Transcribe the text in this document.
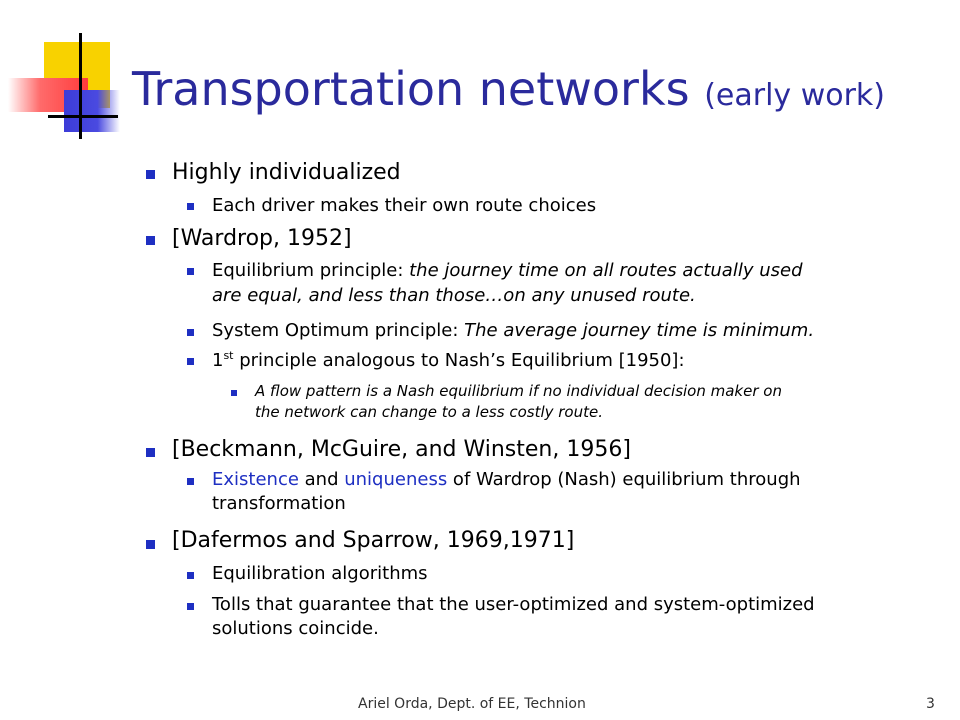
Transportation networks (early work)
Highly individualized
Each driver makes their own route choices
[Wardrop, 1952]
Equilibrium principle: the journey time on all routes actually used
are equal, and less than those…on any unused route.
System Optimum principle: The average journey time is minimum.
1st principle analogous to Nash’s Equilibrium [1950]:
A flow pattern is a Nash equilibrium if no individual decision maker on
the network can change to a less costly route.
[Beckmann, McGuire, and Winsten, 1956]
Existence and uniqueness of Wardrop (Nash) equilibrium through
transformation
[Dafermos and Sparrow, 1969,1971]
Equilibration algorithms
Tolls that guarantee that the user-optimized and system-optimized
solutions coincide.
Ariel Orda, Dept. of EE, Technion	3
